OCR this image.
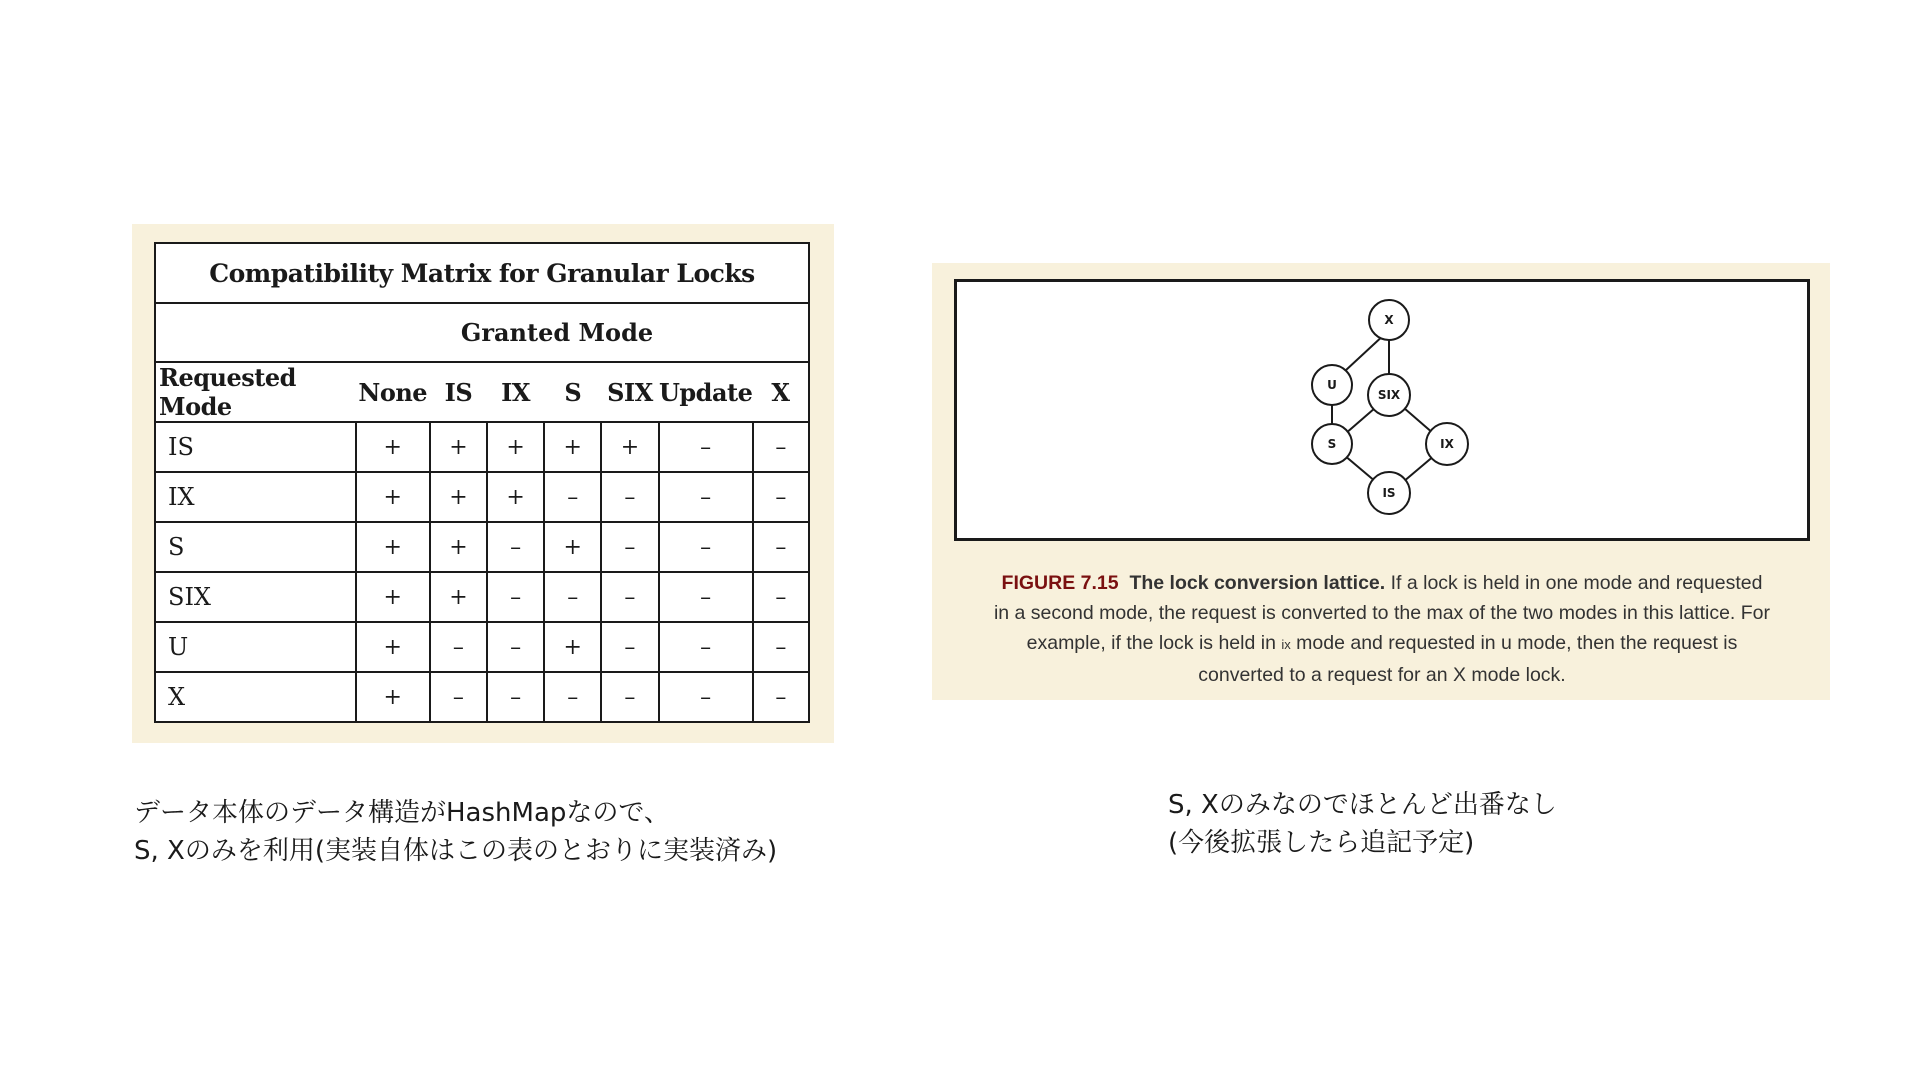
Compatibility Matrix for Granular Locks							
Granted Mode							
Requested Mode	None	IS	IX	S	SIX	Update	X
IS	+	+	+	+	+	–	–
IX	+	+	+	–	–	–	–
S	+	+	–	+	–	–	–
SIX	+	+	–	–	–	–	–
U	+	–	–	+	–	–	–
X	+	–	–	–	–	–	–
X
U
SIX
S	IX
IS
FIGURE 7.15 The lock conversion lattice. If a lock is held in one mode and requested in a second mode, the request is converted to the max of the two modes in this lattice. For example, if the lock is held in ix mode and requested in u mode, then the request is converted to a request for an X mode lock.
データ本体のデータ構造がHashMapなので、
S, Xのみを利用(実装自体はこの表のとおりに実装済み)
S, Xのみなのでほとんど出番なし
(今後拡張したら追記予定)
